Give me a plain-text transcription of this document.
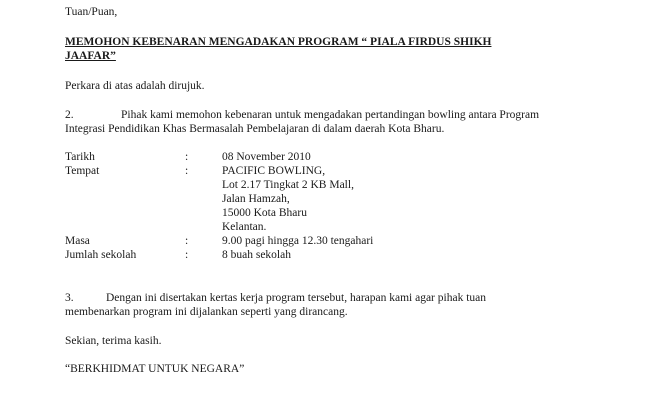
Tuan/Puan,
MEMOHON KEBENARAN MENGADAKAN PROGRAM “ PIALA FIRDUS SHIKH
JAAFAR”
Perkara di atas adalah dirujuk.
2.	Pihak kami memohon kebenaran untuk mengadakan pertandingan bowling antara Program
Integrasi Pendidikan Khas Bermasalah Pembelajaran di dalam daerah Kota Bharu.
Tarikh	:	08 November 2010
Tempat	:	PACIFIC BOWLING,
Lot 2.17 Tingkat 2 KB Mall,
Jalan Hamzah,
15000 Kota Bharu
Kelantan.
Masa	:	9.00 pagi hingga 12.30 tengahari
Jumlah sekolah	:	8 buah sekolah
3.	Dengan ini disertakan kertas kerja program tersebut, harapan kami agar pihak tuan
membenarkan program ini dijalankan seperti yang dirancang.
Sekian, terima kasih.
“BERKHIDMAT UNTUK NEGARA”
